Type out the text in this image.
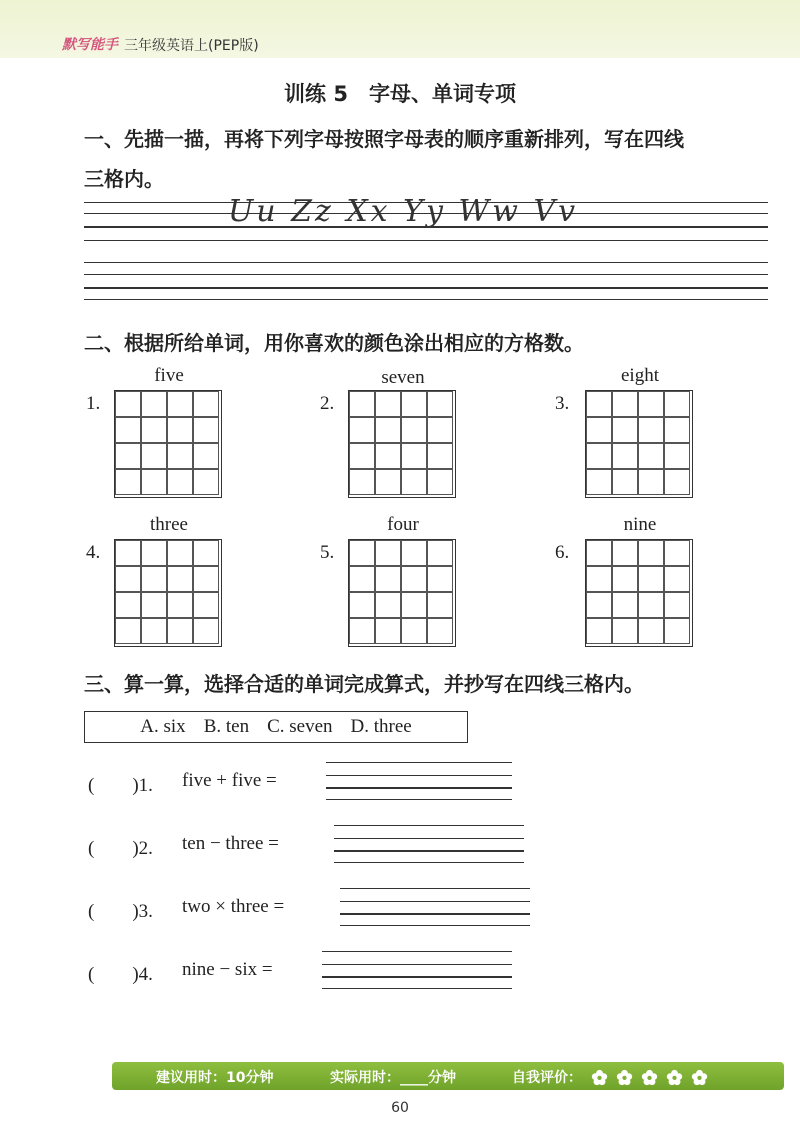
默写能手 三年级英语上(PEP版)
训练 5　字母、单词专项
一、先描一描，再将下列字母按照字母表的顺序重新排列，写在四线
三格内。
Uu Zz Xx Yy Ww Vv
二、根据所给单词，用你喜欢的颜色涂出相应的方格数。
five
1.
seven
2.
eight
3.
three
4.
four
5.
nine
6.
三、算一算，选择合适的单词完成算式，并抄写在四线三格内。
A. six B. ten C. seven D. three
(　　)1. five + five =
(　　)2. ten − three =
(　　)3. two × three =
(　　)4. nine − six =
建议用时：10分钟	实际用时：____分钟	自我评价：

60
